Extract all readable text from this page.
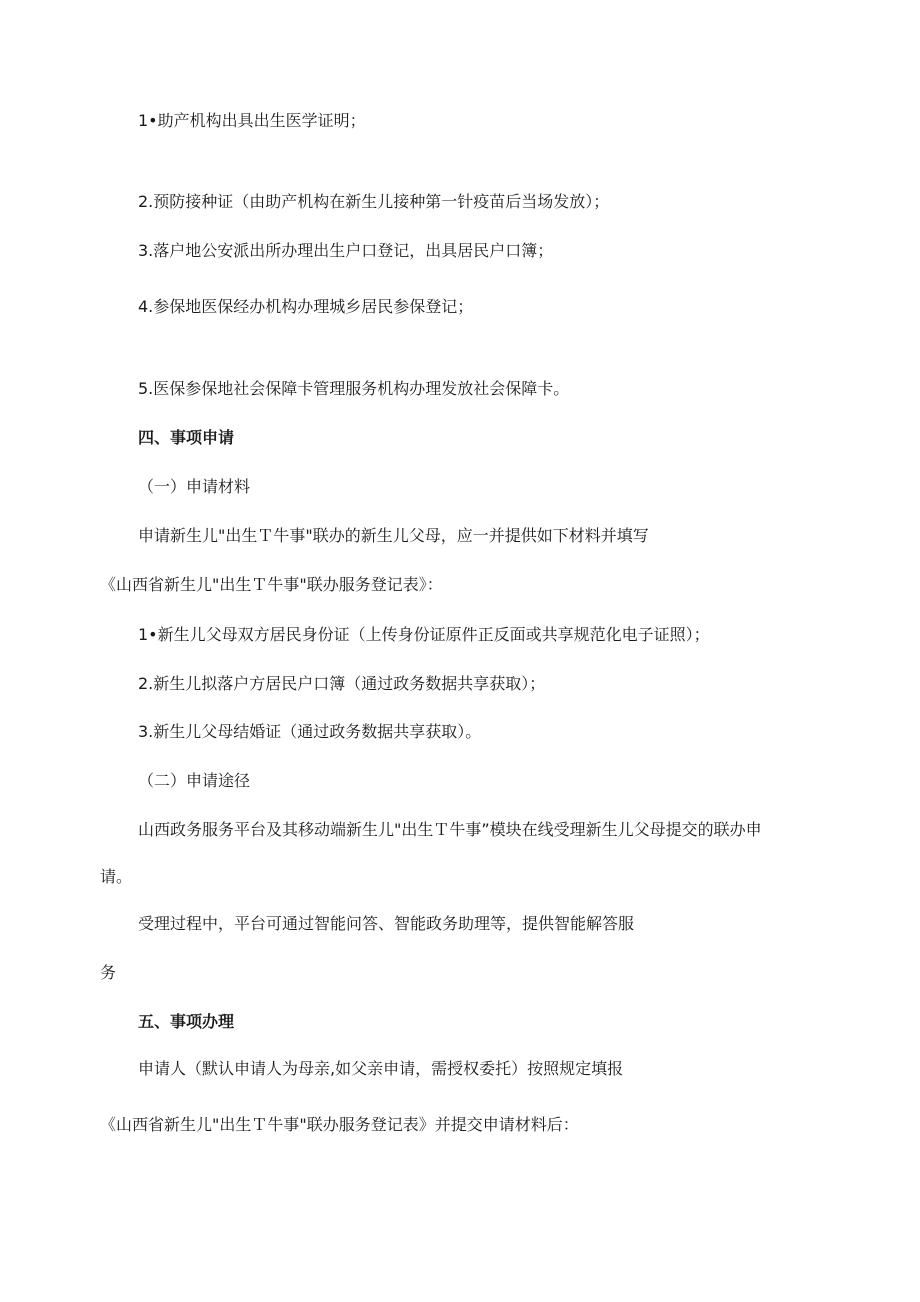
1•助产机构出具出生医学证明；
2.预防接种证（由助产机构在新生儿接种第一针疫苗后当场发放）；
3.落户地公安派出所办理出生户口登记，出具居民户口簿；
4.参保地医保经办机构办理城乡居民参保登记；
5.医保参保地社会保障卡管理服务机构办理发放社会保障卡。
四、事项申请
（一）申请材料
申请新生儿"出生Ｔ牛事"联办的新生儿父母，应一并提供如下材料并填写
《山西省新生儿"出生Ｔ牛事"联办服务登记表》：
1•新生儿父母双方居民身份证（上传身份证原件正反面或共享规范化电子证照）；
2.新生儿拟落户方居民户口簿（通过政务数据共享获取）；
3.新生儿父母结婚证（通过政务数据共享获取）。
（二）申请途径
山西政务服务平台及其移动端新生儿"出生Ｔ牛事”模块在线受理新生儿父母提交的联办申
请。
受理过程中，平台可通过智能问答、智能政务助理等，提供智能解答服
务
五、事项办理
申请人（默认申请人为母亲,如父亲申请，需授权委托）按照规定填报
《山西省新生儿"出生Ｔ牛事"联办服务登记表》并提交申请材料后：
